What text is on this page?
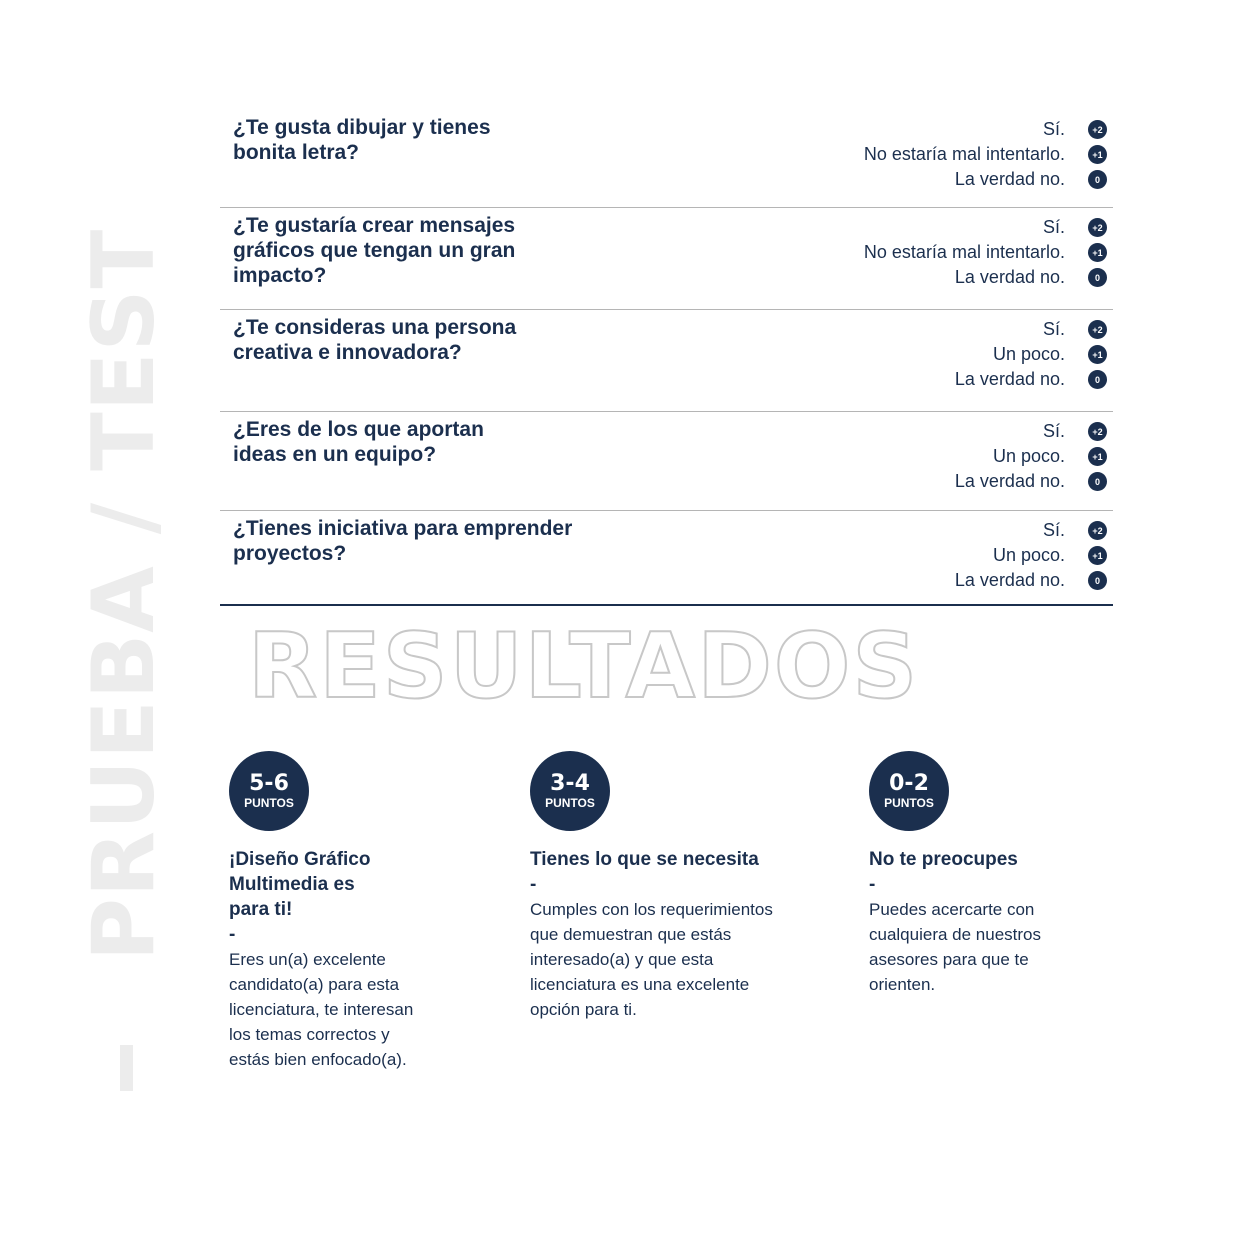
PRUEBA / TEST
¿Te gusta dibujar y tienes
bonita letra?
Sí.	+2
No estaría mal intentarlo.	+1
La verdad no.	0
¿Te gustaría crear mensajes
gráficos que tengan un gran
impacto?
Sí.	+2
No estaría mal intentarlo.	+1
La verdad no.	0
¿Te consideras una persona
creativa e innovadora?
Sí.	+2
Un poco.	+1
La verdad no.	0
¿Eres de los que aportan
ideas en un equipo?
Sí.	+2
Un poco.	+1
La verdad no.	0
¿Tienes iniciativa para emprender
proyectos?
Sí.	+2
Un poco.	+1
La verdad no.	0
RESULTADOS
5-6
PUNTOS
¡Diseño Gráfico
Multimedia es
para ti!
-
Eres un(a) excelente
candidato(a) para esta
licenciatura, te interesan
los temas correctos y
estás bien enfocado(a).
3-4
PUNTOS
Tienes lo que se necesita
-
Cumples con los requerimientos
que demuestran que estás
interesado(a) y que esta
licenciatura es una excelente
opción para ti.
0-2
PUNTOS
No te preocupes
-
Puedes acercarte con
cualquiera de nuestros
asesores para que te
orienten.
